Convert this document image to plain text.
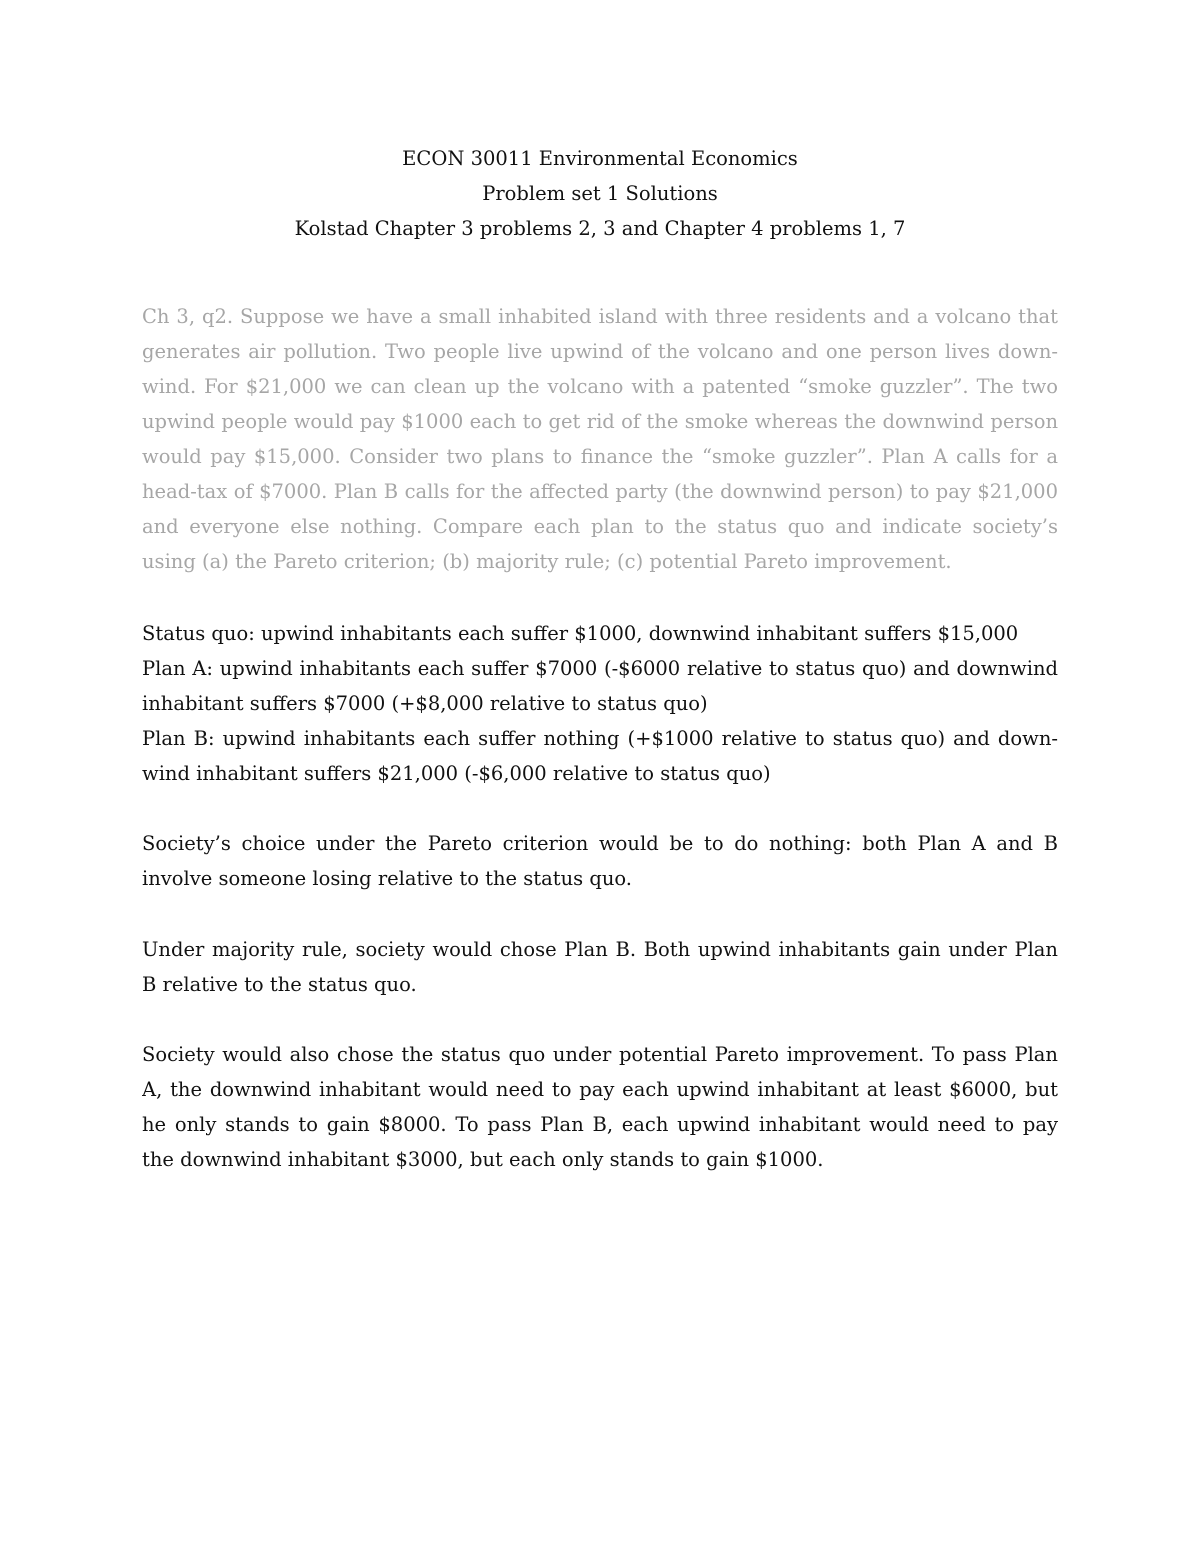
ECON 30011 Environmental Economics
Problem set 1 Solutions
Kolstad Chapter 3 problems 2, 3 and Chapter 4 problems 1, 7
Ch 3, q2. Suppose we have a small inhabited island with three residents and a volcano that
generates air pollution. Two people live upwind of the volcano and one person lives down-
wind. For $21,000 we can clean up the volcano with a patented “smoke guzzler”. The two
upwind people would pay $1000 each to get rid of the smoke whereas the downwind person
would pay $15,000. Consider two plans to finance the “smoke guzzler”. Plan A calls for a
head-tax of $7000. Plan B calls for the affected party (the downwind person) to pay $21,000
and everyone else nothing. Compare each plan to the status quo and indicate society’s
using (a) the Pareto criterion; (b) majority rule; (c) potential Pareto improvement.
Status quo: upwind inhabitants each suffer $1000, downwind inhabitant suffers $15,000
Plan A: upwind inhabitants each suffer $7000 (-$6000 relative to status quo) and downwind
inhabitant suffers $7000 (+$8,000 relative to status quo)
Plan B: upwind inhabitants each suffer nothing (+$1000 relative to status quo) and down-
wind inhabitant suffers $21,000 (-$6,000 relative to status quo)
Society’s choice under the Pareto criterion would be to do nothing: both Plan A and B
involve someone losing relative to the status quo.
Under majority rule, society would chose Plan B. Both upwind inhabitants gain under Plan
B relative to the status quo.
Society would also chose the status quo under potential Pareto improvement. To pass Plan
A, the downwind inhabitant would need to pay each upwind inhabitant at least $6000, but
he only stands to gain $8000. To pass Plan B, each upwind inhabitant would need to pay
the downwind inhabitant $3000, but each only stands to gain $1000.
